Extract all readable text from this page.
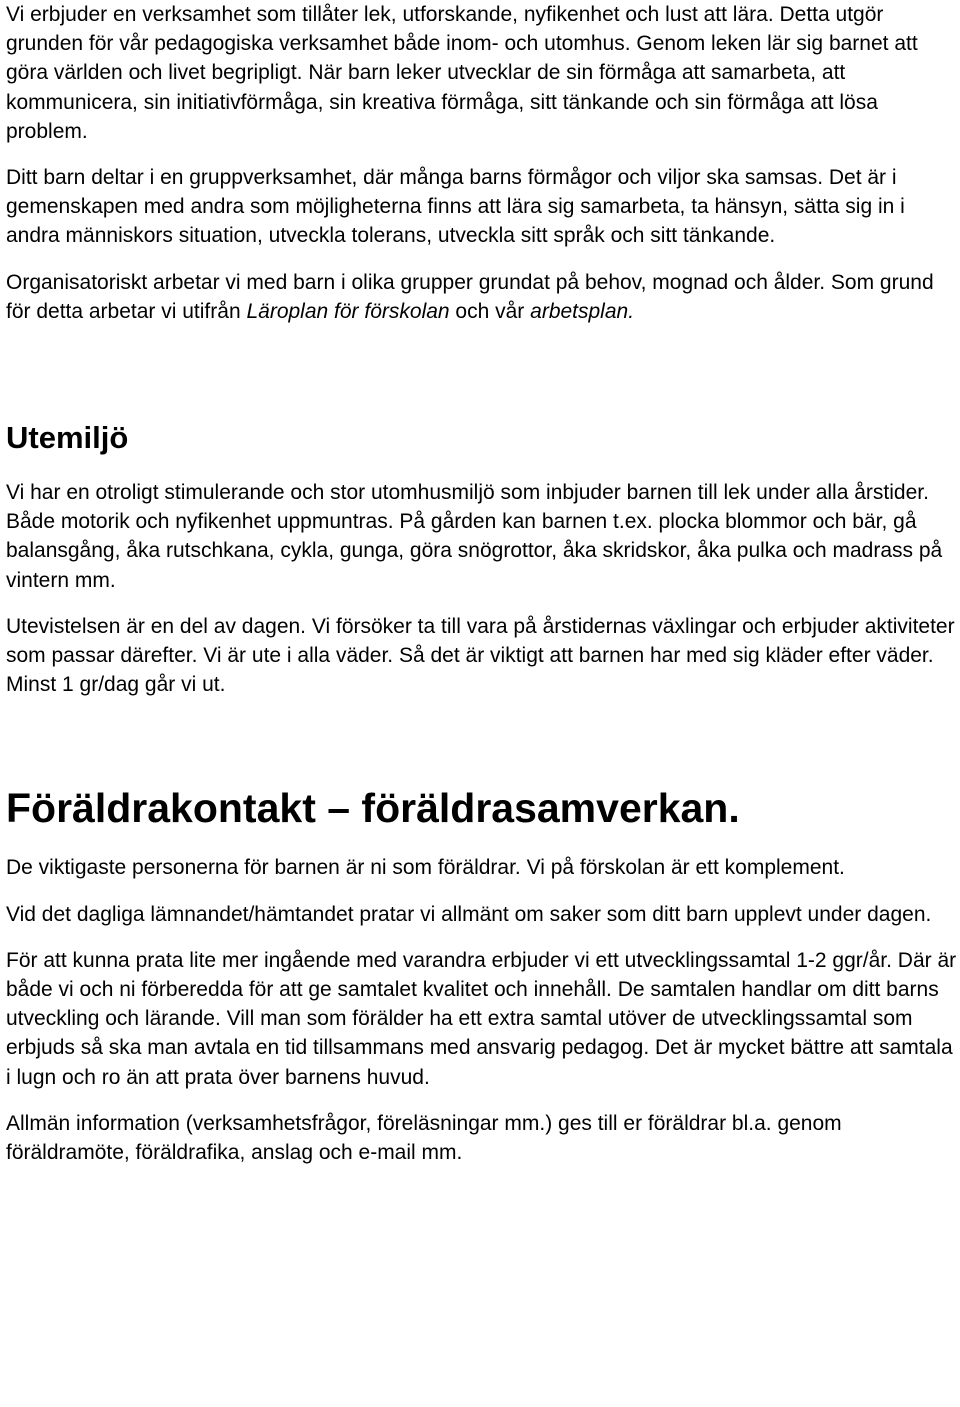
Vi erbjuder en verksamhet som tillåter lek, utforskande, nyfikenhet och lust att lära. Detta utgör grunden för vår pedagogiska verksamhet både inom- och utomhus. Genom leken lär sig barnet att göra världen och livet begripligt. När barn leker utvecklar de sin förmåga att samarbeta, att kommunicera, sin initiativförmåga, sin kreativa förmåga, sitt tänkande och sin förmåga att lösa problem.

Ditt barn deltar i en gruppverksamhet, där många barns förmågor och viljor ska samsas. Det är i gemenskapen med andra som möjligheterna finns att lära sig samarbeta, ta hänsyn, sätta sig in i andra människors situation, utveckla tolerans, utveckla sitt språk och sitt tänkande.

Organisatoriskt arbetar vi med barn i olika grupper grundat på behov, mognad och ålder. Som grund för detta arbetar vi utifrån Läroplan för förskolan och vår arbetsplan.

Utemiljö

Vi har en otroligt stimulerande och stor utomhusmiljö som inbjuder barnen till lek under alla årstider. Både motorik och nyfikenhet uppmuntras. På gården kan barnen t.ex. plocka blommor och bär, gå balansgång, åka rutschkana, cykla, gunga, göra snögrottor, åka skridskor, åka pulka och madrass på vintern mm.

Utevistelsen är en del av dagen. Vi försöker ta till vara på årstidernas växlingar och erbjuder aktiviteter som passar därefter. Vi är ute i alla väder. Så det är viktigt att barnen har med sig kläder efter väder. Minst 1 gr/dag går vi ut.

Föräldrakontakt – föräldrasamverkan.

De viktigaste personerna för barnen är ni som föräldrar. Vi på förskolan är ett komplement.

Vid det dagliga lämnandet/hämtandet pratar vi allmänt om saker som ditt barn upplevt under dagen.

För att kunna prata lite mer ingående med varandra erbjuder vi ett utvecklingssamtal 1-2 ggr/år. Där är både vi och ni förberedda för att ge samtalet kvalitet och innehåll. De samtalen handlar om ditt barns utveckling och lärande. Vill man som förälder ha ett extra samtal utöver de utvecklingssamtal som erbjuds så ska man avtala en tid tillsammans med ansvarig pedagog. Det är mycket bättre att samtala i lugn och ro än att prata över barnens huvud.

Allmän information (verksamhetsfrågor, föreläsningar mm.) ges till er föräldrar bl.a. genom föräldramöte, föräldrafika, anslag och e-mail mm.
